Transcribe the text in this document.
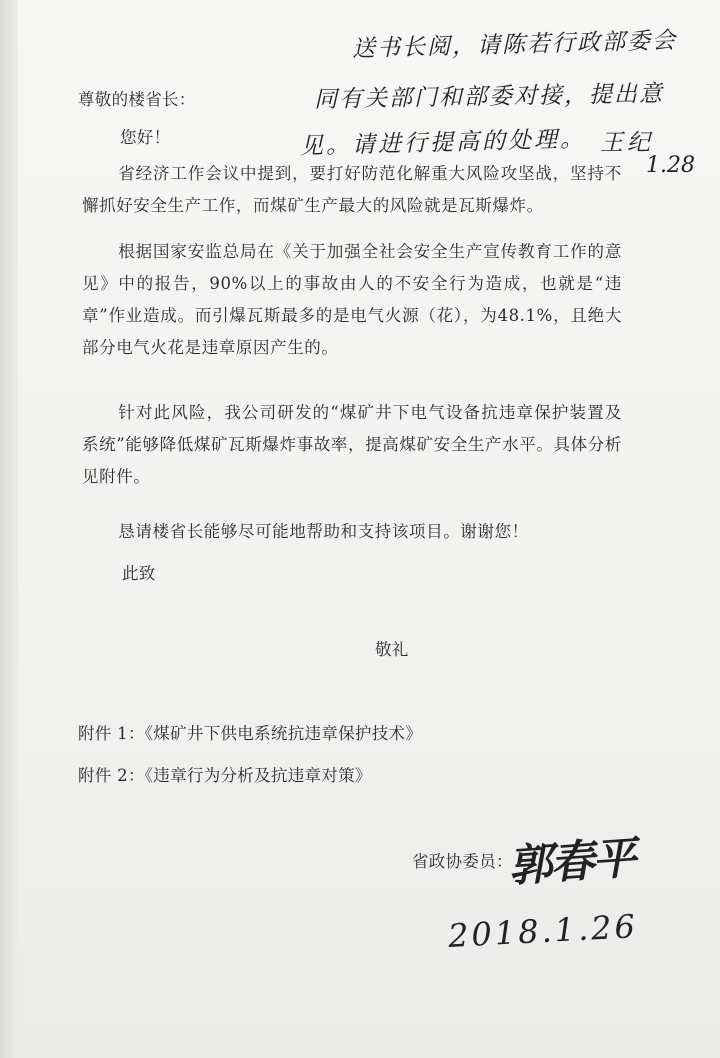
送书长阅，请陈若行政部委会
同有关部门和部委对接，提出意
见。请进行提高的处理。 王纪
1.28
尊敬的楼省长：
您好！
省经济工作会议中提到，要打好防范化解重大风险攻坚战，坚持不懈抓好安全生产工作，而煤矿生产最大的风险就是瓦斯爆炸。
根据国家安监总局在《关于加强全社会安全生产宣传教育工作的意见》中的报告，90%以上的事故由人的不安全行为造成，也就是“违章”作业造成。而引爆瓦斯最多的是电气火源（花），为48.1%，且绝大部分电气火花是违章原因产生的。
针对此风险，我公司研发的“煤矿井下电气设备抗违章保护装置及系统”能够降低煤矿瓦斯爆炸事故率，提高煤矿安全生产水平。具体分析见附件。
恳请楼省长能够尽可能地帮助和支持该项目。谢谢您！
此致
敬礼
附件 1：《煤矿井下供电系统抗违章保护技术》
附件 2：《违章行为分析及抗违章对策》
省政协委员：
郭春平
2018.1.26
